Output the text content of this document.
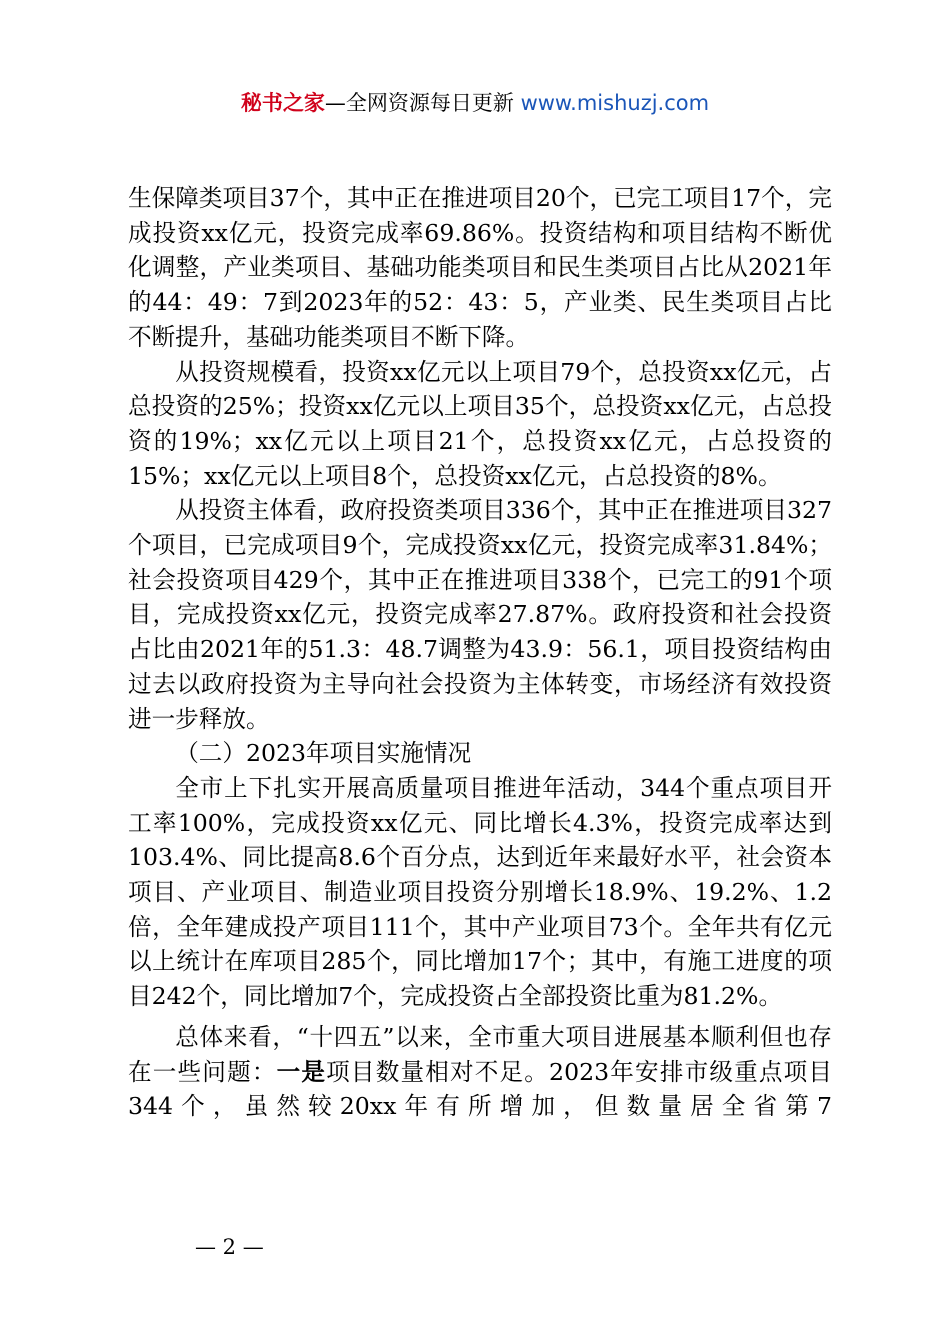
秘书之家—全网资源每日更新 www.mishuzj.com

生保障类项目37个，其中正在推进项目20个，已完工项目17个，完成投资xx亿元，投资完成率69.86%。投资结构和项目结构不断优化调整，产业类项目、基础功能类项目和民生类项目占比从2021年的44：49：7到2023年的52：43：5，产业类、民生类项目占比不断提升，基础功能类项目不断下降。

从投资规模看，投资xx亿元以上项目79个，总投资xx亿元，占总投资的25%；投资xx亿元以上项目35个，总投资xx亿元，占总投资的19%；xx亿元以上项目21个，总投资xx亿元，占总投资的15%；xx亿元以上项目8个，总投资xx亿元，占总投资的8%。

从投资主体看，政府投资类项目336个，其中正在推进项目327个项目，已完成项目9个，完成投资xx亿元，投资完成率31.84%；社会投资项目429个，其中正在推进项目338个，已完工的91个项目，完成投资xx亿元，投资完成率27.87%。政府投资和社会投资占比由2021年的51.3：48.7调整为43.9：56.1，项目投资结构由过去以政府投资为主导向社会投资为主体转变，市场经济有效投资进一步释放。

（二）2023年项目实施情况

全市上下扎实开展高质量项目推进年活动，344个重点项目开工率100%，完成投资xx亿元、同比增长4.3%，投资完成率达到103.4%、同比提高8.6个百分点，达到近年来最好水平，社会资本项目、产业项目、制造业项目投资分别增长18.9%、19.2%、1.2倍，全年建成投产项目111个，其中产业项目73个。全年共有亿元以上统计在库项目285个，同比增加17个；其中，有施工进度的项目242个，同比增加7个，完成投资占全部投资比重为81.2%。

总体来看，“十四五”以来，全市重大项目进展基本顺利但也存在一些问题：一是项目数量相对不足。2023年安排市级重点项目344个，虽然较20xx年有所增加，但数量居全省第7

— 2 —
